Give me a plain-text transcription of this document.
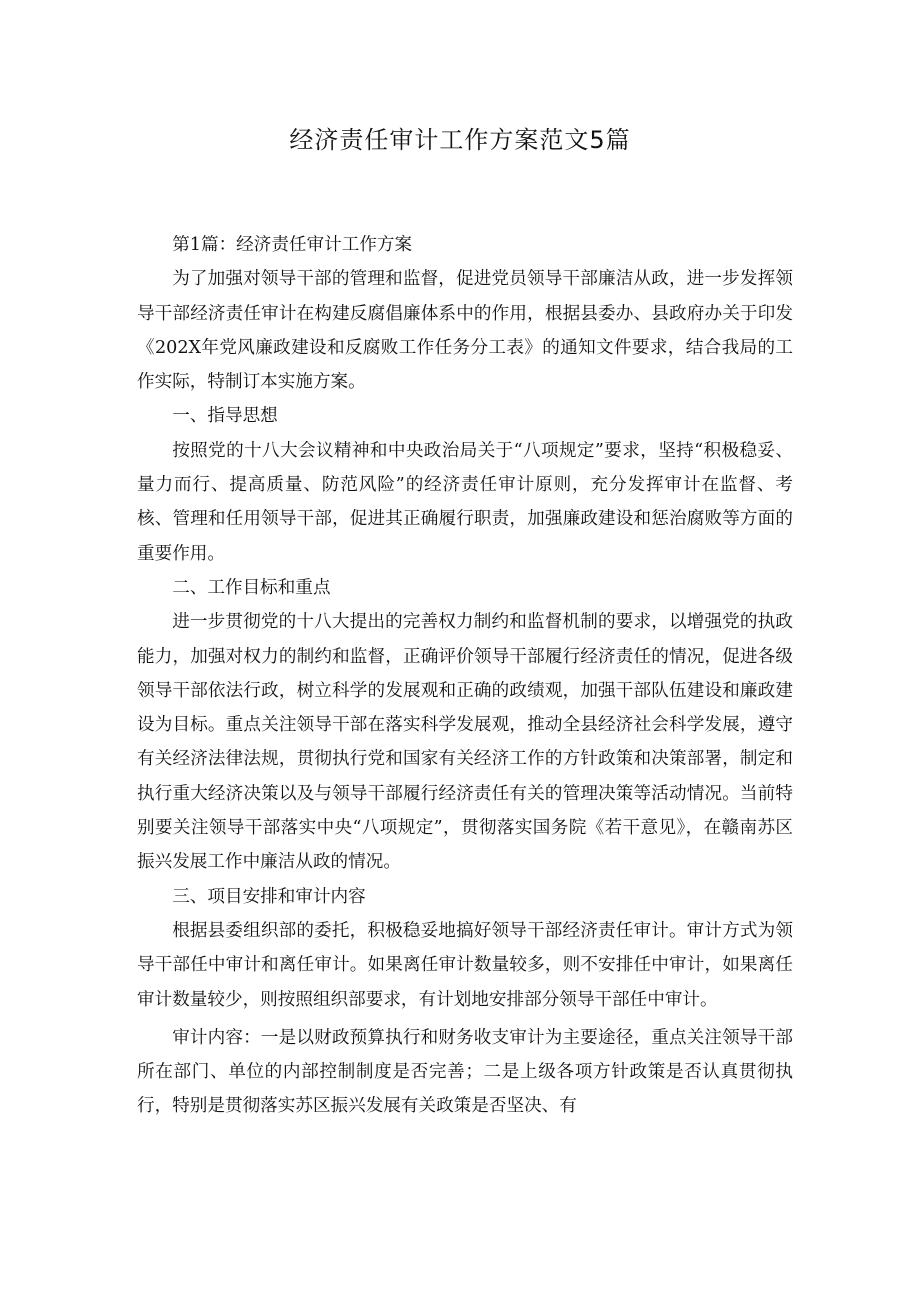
经济责任审计工作方案范文5篇

第1篇：经济责任审计工作方案

为了加强对领导干部的管理和监督，促进党员领导干部廉洁从政，进一步发挥领导干部经济责任审计在构建反腐倡廉体系中的作用，根据县委办、县政府办关于印发《202X年党风廉政建设和反腐败工作任务分工表》的通知文件要求，结合我局的工作实际，特制订本实施方案。

一、指导思想

按照党的十八大会议精神和中央政治局关于“八项规定”要求，坚持“积极稳妥、量力而行、提高质量、防范风险”的经济责任审计原则，充分发挥审计在监督、考核、管理和任用领导干部，促进其正确履行职责，加强廉政建设和惩治腐败等方面的重要作用。

二、工作目标和重点

进一步贯彻党的十八大提出的完善权力制约和监督机制的要求，以增强党的执政能力，加强对权力的制约和监督，正确评价领导干部履行经济责任的情况，促进各级领导干部依法行政，树立科学的发展观和正确的政绩观，加强干部队伍建设和廉政建设为目标。重点关注领导干部在落实科学发展观，推动全县经济社会科学发展，遵守有关经济法律法规，贯彻执行党和国家有关经济工作的方针政策和决策部署，制定和执行重大经济决策以及与领导干部履行经济责任有关的管理决策等活动情况。当前特别要关注领导干部落实中央“八项规定”，贯彻落实国务院《若干意见》，在赣南苏区振兴发展工作中廉洁从政的情况。

三、项目安排和审计内容

根据县委组织部的委托，积极稳妥地搞好领导干部经济责任审计。审计方式为领导干部任中审计和离任审计。如果离任审计数量较多，则不安排任中审计，如果离任审计数量较少，则按照组织部要求，有计划地安排部分领导干部任中审计。

审计内容：一是以财政预算执行和财务收支审计为主要途径，重点关注领导干部所在部门、单位的内部控制制度是否完善；二是上级各项方针政策是否认真贯彻执行，特别是贯彻落实苏区振兴发展有关政策是否坚决、有
